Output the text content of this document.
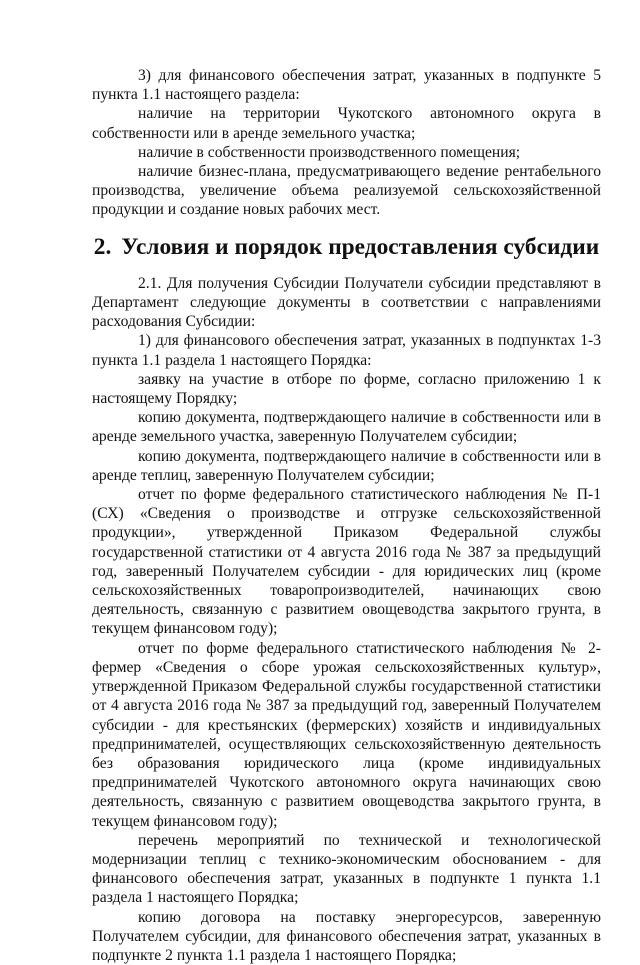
3) для финансового обеспечения затрат, указанных в подпункте 5 пункта 1.1 настоящего раздела:

наличие на территории Чукотского автономного округа в собственности или в аренде земельного участка;

наличие в собственности производственного помещения;

наличие бизнес-плана, предусматривающего ведение рентабельного производства, увеличение объема реализуемой сельскохозяйственной продукции и создание новых рабочих мест.

2. Условия и порядок предоставления субсидии

2.1. Для получения Субсидии Получатели субсидии представляют в Департамент следующие документы в соответствии с направлениями расходования Субсидии:

1) для финансового обеспечения затрат, указанных в подпунктах 1-3 пункта 1.1 раздела 1 настоящего Порядка:

заявку на участие в отборе по форме, согласно приложению 1 к настоящему Порядку;

копию документа, подтверждающего наличие в собственности или в аренде земельного участка, заверенную Получателем субсидии;

копию документа, подтверждающего наличие в собственности или в аренде теплиц, заверенную Получателем субсидии;

отчет по форме федерального статистического наблюдения № П-1 (СХ) «Сведения о производстве и отгрузке сельскохозяйственной продукции», утвержденной Приказом Федеральной службы государственной статистики от 4 августа 2016 года № 387 за предыдущий год, заверенный Получателем субсидии - для юридических лиц (кроме сельскохозяйственных товаропроизводителей, начинающих свою деятельность, связанную с развитием овощеводства закрытого грунта, в текущем финансовом году);

отчет по форме федерального статистического наблюдения № 2-фермер «Сведения о сборе урожая сельскохозяйственных культур», утвержденной Приказом Федеральной службы государственной статистики от 4 августа 2016 года № 387 за предыдущий год, заверенный Получателем субсидии - для крестьянских (фермерских) хозяйств и индивидуальных предпринимателей, осуществляющих сельскохозяйственную деятельность без образования юридического лица (кроме индивидуальных предпринимателей Чукотского автономного округа начинающих свою деятельность, связанную с развитием овощеводства закрытого грунта, в текущем финансовом году);

перечень мероприятий по технической и технологической модернизации теплиц с технико-экономическим обоснованием - для финансового обеспечения затрат, указанных в подпункте 1 пункта 1.1 раздела 1 настоящего Порядка;

копию договора на поставку энергоресурсов, заверенную Получателем субсидии, для финансового обеспечения затрат, указанных в подпункте 2 пункта 1.1 раздела 1 настоящего Порядка;
